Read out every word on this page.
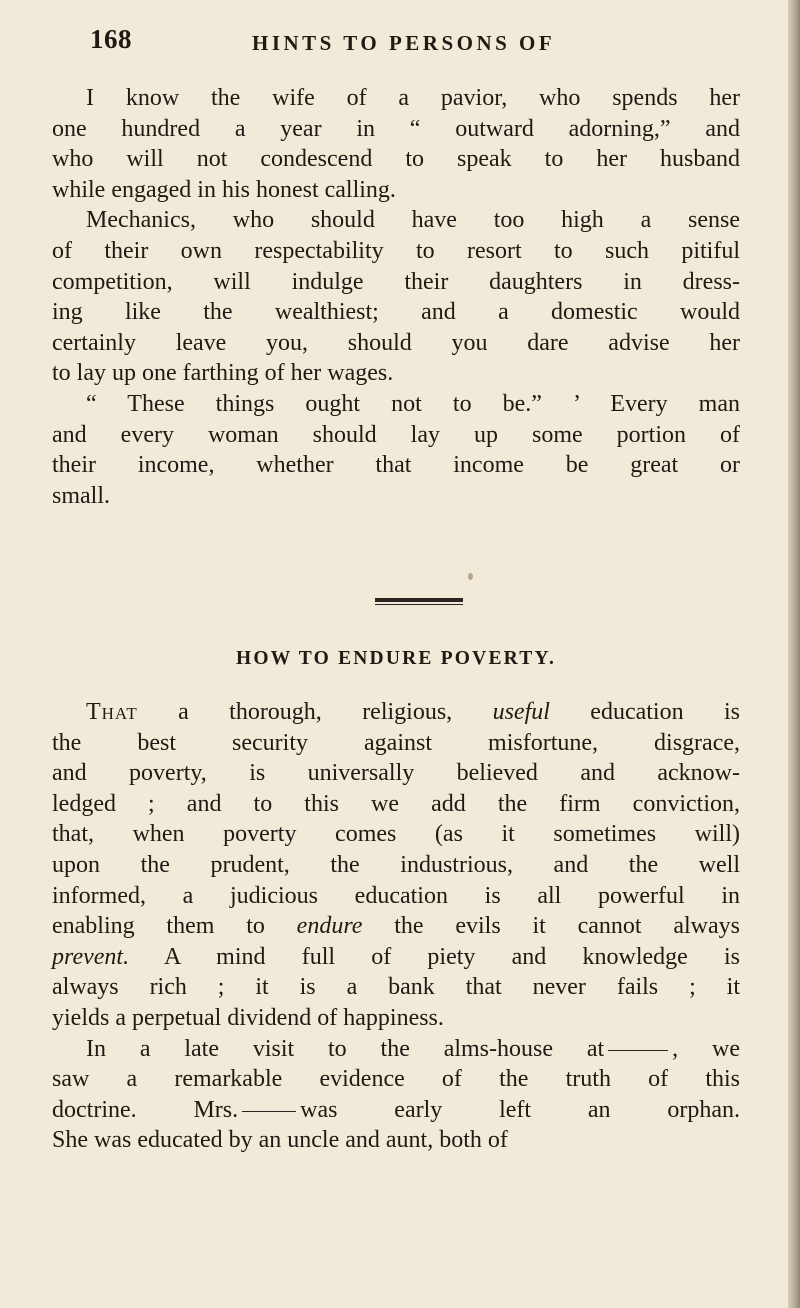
168	HINTS TO PERSONS OF
I know the wife of a pavior, who spends her
one hundred a year in “ outward adorning,” and
who will not condescend to speak to her husband
while engaged in his honest calling.
Mechanics, who should have too high a sense
of their own respectability to resort to such pitiful
competition, will indulge their daughters in dress-
ing like the wealthiest; and a domestic would
certainly leave you, should you dare advise her
to lay up one farthing of her wages.
“ These things ought not to be.” ’ Every man
and every woman should lay up some portion of
their income, whether that income be great or
small.
HOW TO ENDURE POVERTY.
That a thorough, religious, useful education is
the best security against misfortune, disgrace,
and poverty, is universally believed and acknow-
ledged ; and to this we add the firm conviction,
that, when poverty comes (as it sometimes will)
upon the prudent, the industrious, and the well
informed, a judicious education is all powerful in
enabling them to endure the evils it cannot always
prevent. A mind full of piety and knowledge is
always rich ; it is a bank that never fails ; it
yields a perpetual dividend of happiness.
In a late visit to the alms-house at	, we
saw a remarkable evidence of the truth of this
doctrine. Mrs.	was early left an orphan.
She was educated by an uncle and aunt, both of
